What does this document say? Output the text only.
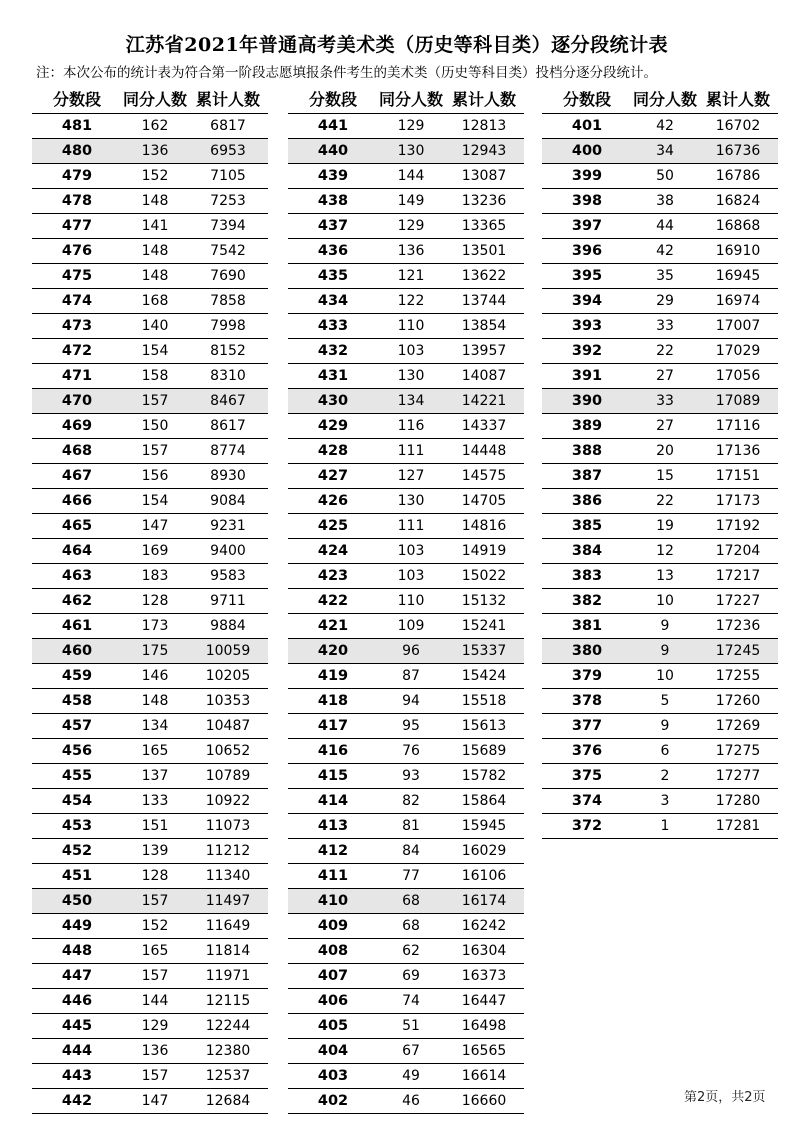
江苏省2021年普通高考美术类（历史等科目类）逐分段统计表
注：本次公布的统计表为符合第一阶段志愿填报条件考生的美术类（历史等科目类）投档分逐分段统计。
分数段	同分人数 累计人数
481	162	6817
480	136	6953
479	152	7105
478	148	7253
477	141	7394
476	148	7542
475	148	7690
474	168	7858
473	140	7998
472	154	8152
471	158	8310
470	157	8467
469	150	8617
468	157	8774
467	156	8930
466	154	9084
465	147	9231
464	169	9400
463	183	9583
462	128	9711
461	173	9884
460	175	10059
459	146	10205
458	148	10353
457	134	10487
456	165	10652
455	137	10789
454	133	10922
453	151	11073
452	139	11212
451	128	11340
450	157	11497
449	152	11649
448	165	11814
447	157	11971
446	144	12115
445	129	12244
444	136	12380
443	157	12537
442	147	12684
分数段	同分人数 累计人数
441	129	12813
440	130	12943
439	144	13087
438	149	13236
437	129	13365
436	136	13501
435	121	13622
434	122	13744
433	110	13854
432	103	13957
431	130	14087
430	134	14221
429	116	14337
428	111	14448
427	127	14575
426	130	14705
425	111	14816
424	103	14919
423	103	15022
422	110	15132
421	109	15241
420	96	15337
419	87	15424
418	94	15518
417	95	15613
416	76	15689
415	93	15782
414	82	15864
413	81	15945
412	84	16029
411	77	16106
410	68	16174
409	68	16242
408	62	16304
407	69	16373
406	74	16447
405	51	16498
404	67	16565
403	49	16614
402	46	16660
分数段	同分人数 累计人数
401	42	16702
400	34	16736
399	50	16786
398	38	16824
397	44	16868
396	42	16910
395	35	16945
394	29	16974
393	33	17007
392	22	17029
391	27	17056
390	33	17089
389	27	17116
388	20	17136
387	15	17151
386	22	17173
385	19	17192
384	12	17204
383	13	17217
382	10	17227
381	9	17236
380	9	17245
379	10	17255
378	5	17260
377	9	17269
376	6	17275
375	2	17277
374	3	17280
372	1	17281
第2页，共2页
